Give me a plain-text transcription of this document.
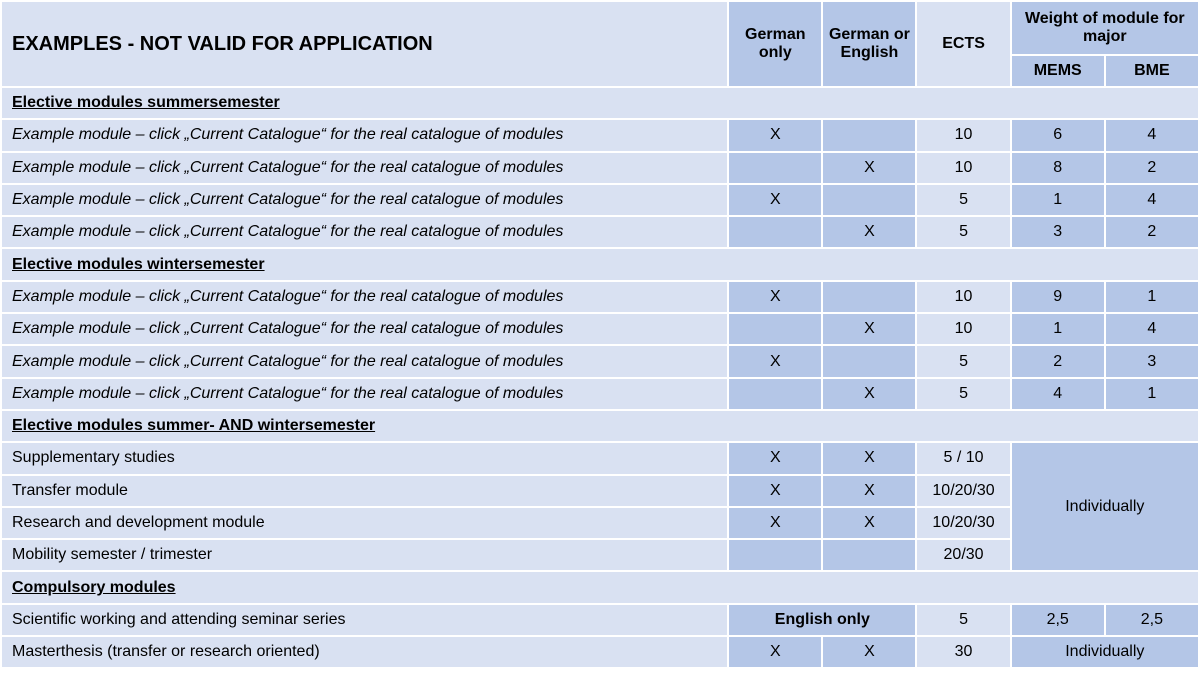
EXAMPLES - NOT VALID FOR APPLICATION	German only	German or English	ECTS	Weight of module for major	
				MEMS	BME
Elective modules summersemester					
Example module – click „Current Catalogue“ for the real catalogue of modules	X		10	6	4
Example module – click „Current Catalogue“ for the real catalogue of modules		X	10	8	2
Example module – click „Current Catalogue“ for the real catalogue of modules	X		5	1	4
Example module – click „Current Catalogue“ for the real catalogue of modules		X	5	3	2
Elective modules wintersemester					
Example module – click „Current Catalogue“ for the real catalogue of modules	X		10	9	1
Example module – click „Current Catalogue“ for the real catalogue of modules		X	10	1	4
Example module – click „Current Catalogue“ for the real catalogue of modules	X		5	2	3
Example module – click „Current Catalogue“ for the real catalogue of modules		X	5	4	1
Elective modules summer- AND wintersemester					
Supplementary studies	X	X	5 / 10	Individually	
Transfer module	X	X	10/20/30		
Research and development module	X	X	10/20/30		
Mobility semester / trimester			20/30		
Compulsory modules					
Scientific working and attending seminar series	English only		5	2,5	2,5
Masterthesis (transfer or research oriented)	X	X	30	Individually	
